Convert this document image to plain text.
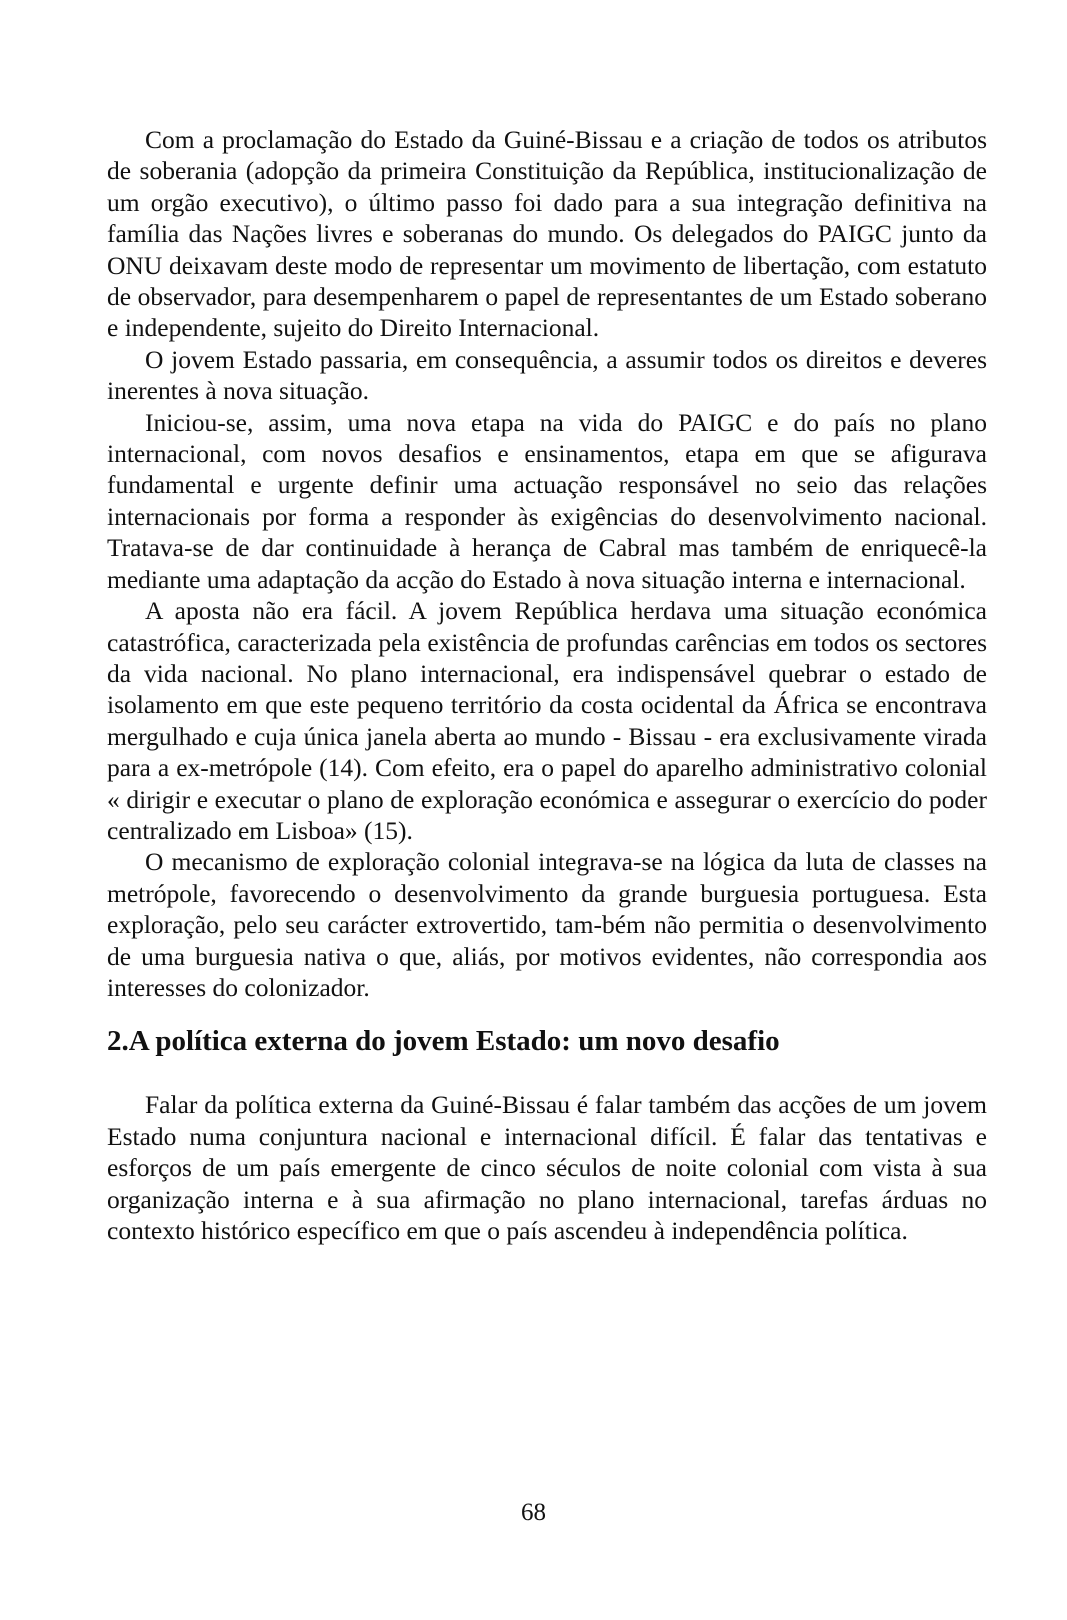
Com a proclamação do Estado da Guiné-Bissau e a criação de todos os atributos de soberania (adopção da primeira Constituição da República, institucionalização de um orgão executivo), o último passo foi dado para a sua integração definitiva na família das Nações livres e soberanas do mundo. Os delegados do PAIGC junto da ONU deixavam deste modo de representar um movimento de libertação, com estatuto de observador, para desempenharem o papel de representantes de um Estado soberano e independente, sujeito do Direito Internacional.

O jovem Estado passaria, em consequência, a assumir todos os direitos e deveres inerentes à nova situação.

Iniciou-se, assim, uma nova etapa na vida do PAIGC e do país no plano internacional, com novos desafios e ensinamentos, etapa em que se afigurava fundamental e urgente definir uma actuação responsável no seio das relações internacionais por forma a responder às exigências do desenvolvimento nacional. Tratava-se de dar continuidade à herança de Cabral mas também de enriquecê-la mediante uma adaptação da acção do Estado à nova situação interna e internacional.

A aposta não era fácil. A jovem República herdava uma situação económica catastrófica, caracterizada pela existência de profundas carências em todos os sectores da vida nacional. No plano internacional, era indispensável quebrar o estado de isolamento em que este pequeno território da costa ocidental da África se encontrava mergulhado e cuja única janela aberta ao mundo - Bissau - era exclusivamente virada para a ex-metrópole (14). Com efeito, era o papel do aparelho administrativo colonial « dirigir e executar o plano de exploração económica e assegurar o exercício do poder centralizado em Lisboa» (15).

O mecanismo de exploração colonial integrava-se na lógica da luta de classes na metrópole, favorecendo o desenvolvimento da grande burguesia portuguesa. Esta exploração, pelo seu carácter extrovertido, tam-bém não permitia o desenvolvimento de uma burguesia nativa o que, aliás, por motivos evidentes, não correspondia aos interesses do colonizador.

2.A política externa do jovem Estado: um novo desafio

Falar da política externa da Guiné-Bissau é falar também das acções de um jovem Estado numa conjuntura nacional e internacional difícil. É falar das tentativas e esforços de um país emergente de cinco séculos de noite colonial com vista à sua organização interna e à sua afirmação no plano internacional, tarefas árduas no contexto histórico específico em que o país ascendeu à independência política.

68
